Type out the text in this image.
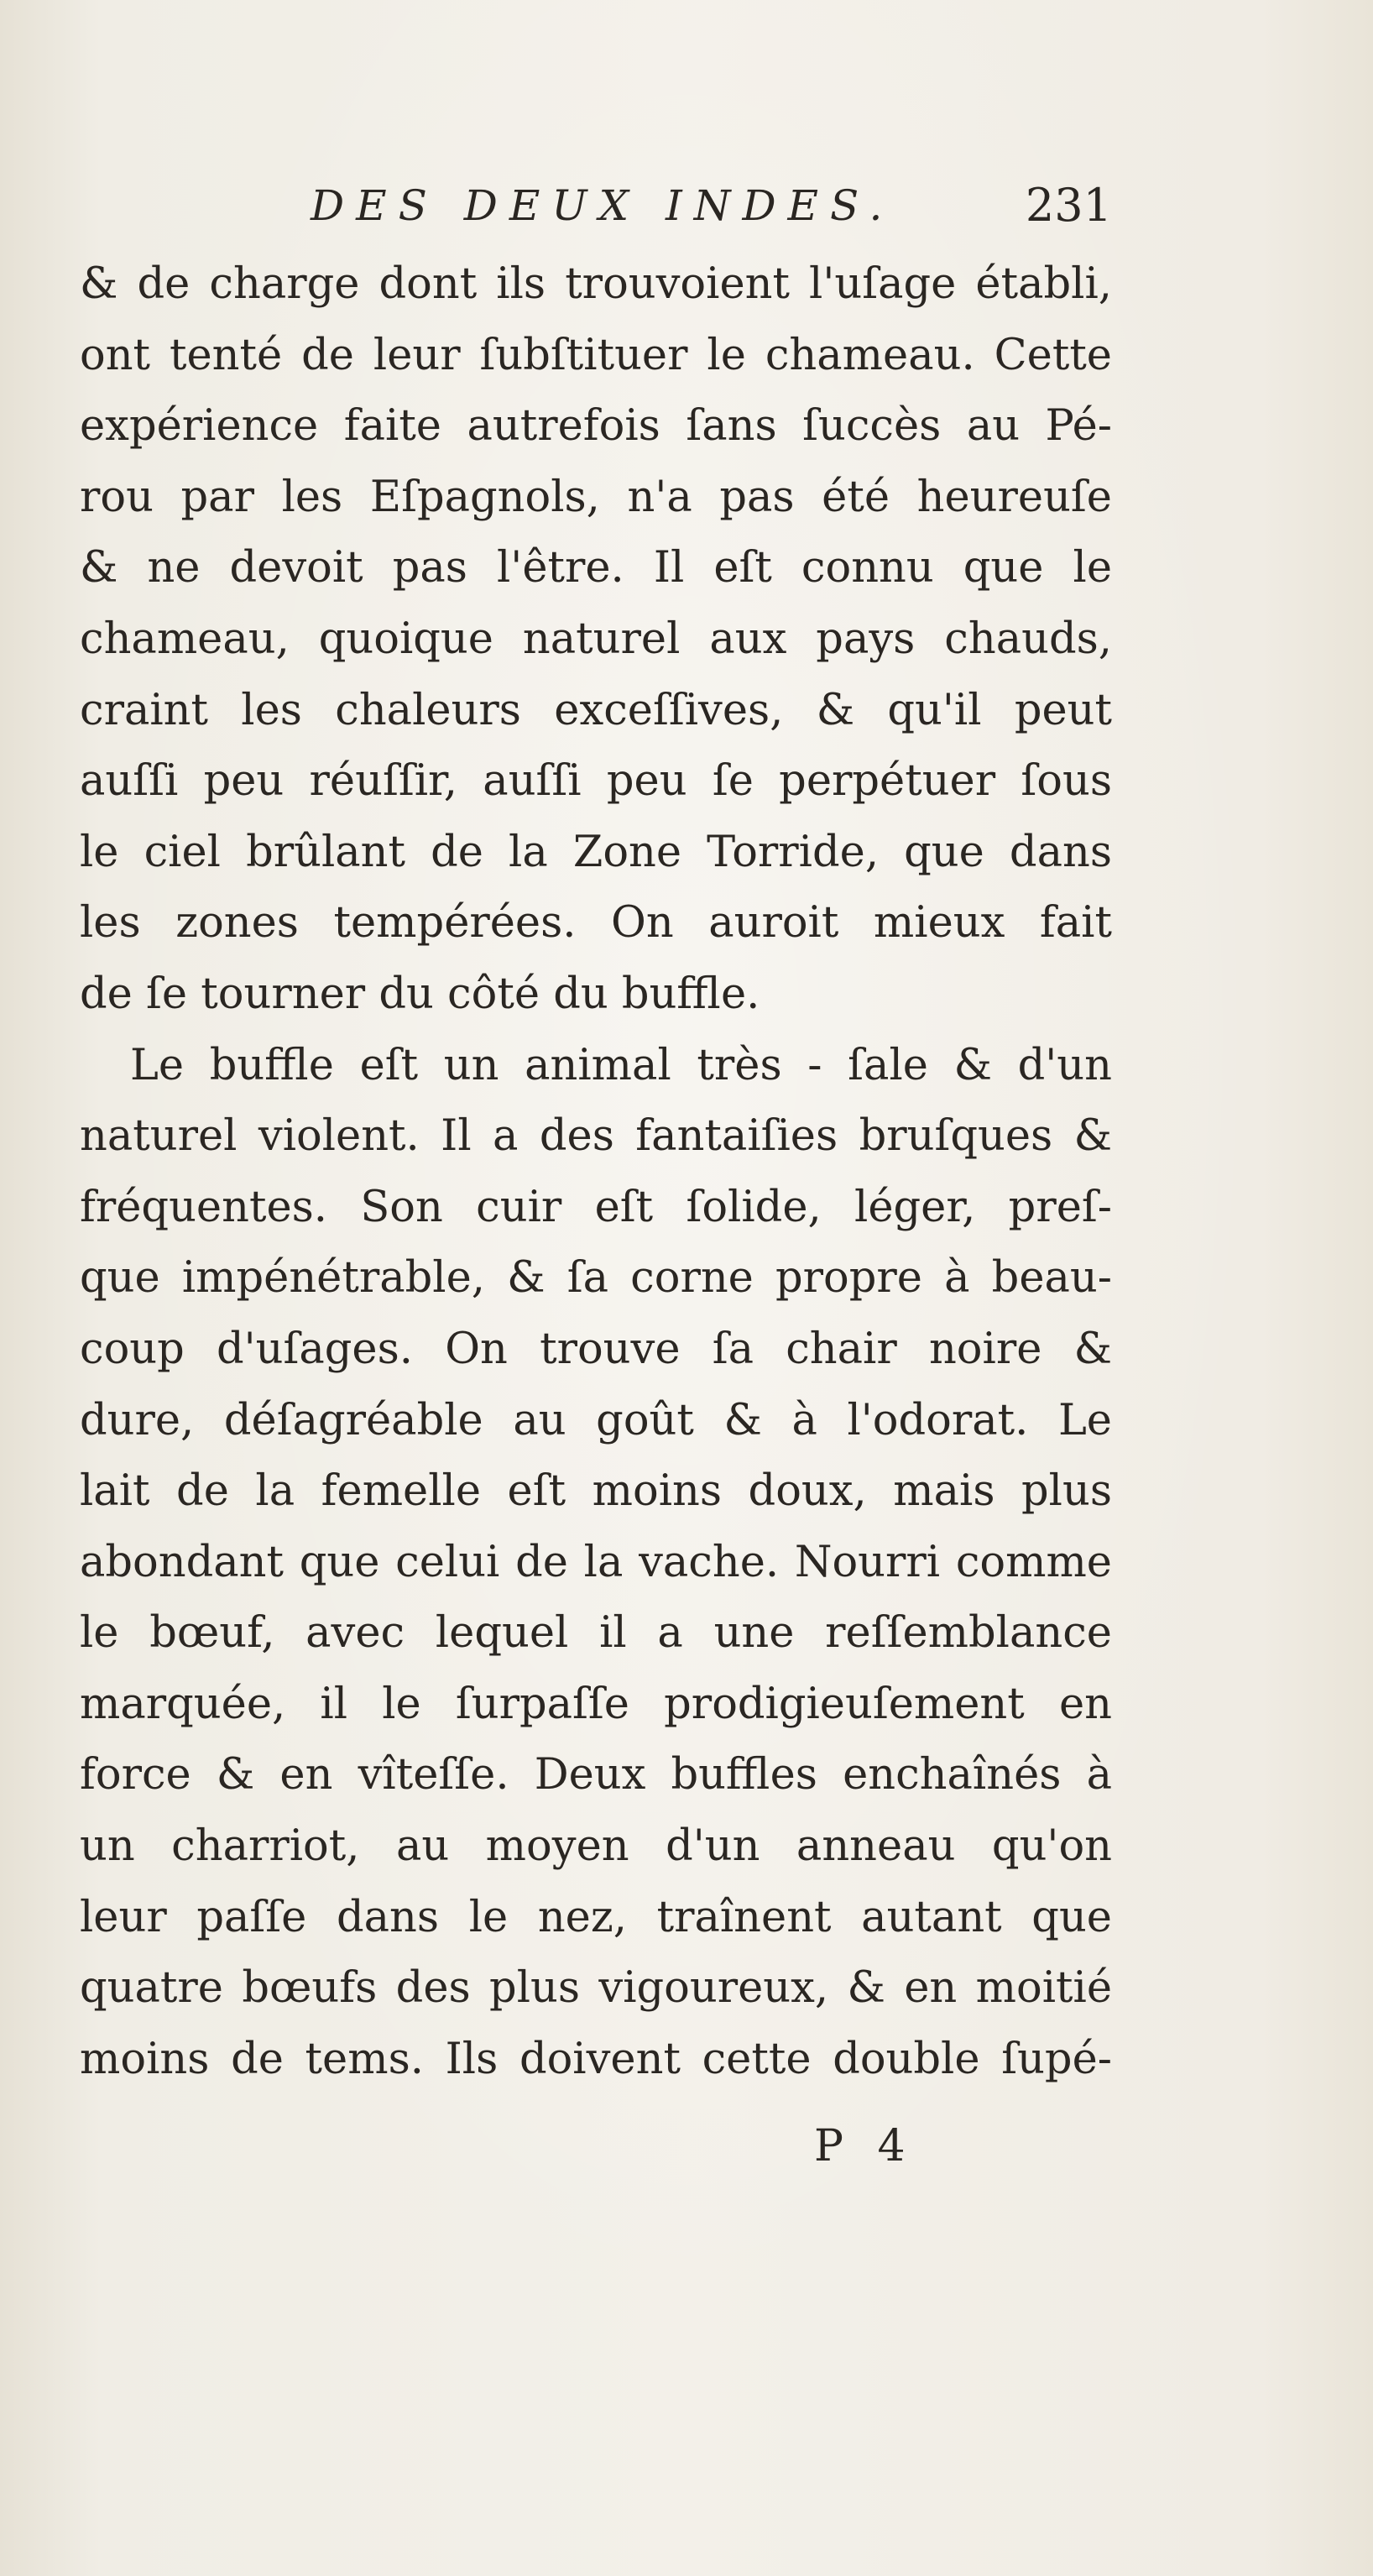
DES DEUX INDES.	231
& de charge dont ils trouvoient l'uſage établi,
ont tenté de leur ſubſtituer le chameau. Cette
expérience faite autrefois ſans ſuccès au Pé-
rou par les Eſpagnols, n'a pas été heureuſe
& ne devoit pas l'être. Il eſt connu que le
chameau, quoique naturel aux pays chauds,
craint les chaleurs exceſſives, & qu'il peut
auſſi peu réuſſir, auſſi peu ſe perpétuer ſous
le ciel brûlant de la Zone Torride, que dans
les zones tempérées. On auroit mieux fait
de ſe tourner du côté du buffle.
Le buffle eſt un animal très - ſale & d'un
naturel violent. Il a des fantaiſies bruſques &
fréquentes. Son cuir eſt ſolide, léger, preſ-
que impénétrable, & ſa corne propre à beau-
coup d'uſages. On trouve ſa chair noire &
dure, déſagréable au goût & à l'odorat. Le
lait de la femelle eſt moins doux, mais plus
abondant que celui de la vache. Nourri comme
le bœuf, avec lequel il a une reſſemblance
marquée, il le ſurpaſſe prodigieuſement en
force & en vîteſſe. Deux buffles enchaînés à
un charriot, au moyen d'un anneau qu'on
leur paſſe dans le nez, traînent autant que
quatre bœufs des plus vigoureux, & en moitié
moins de tems. Ils doivent cette double ſupé-
P 4
